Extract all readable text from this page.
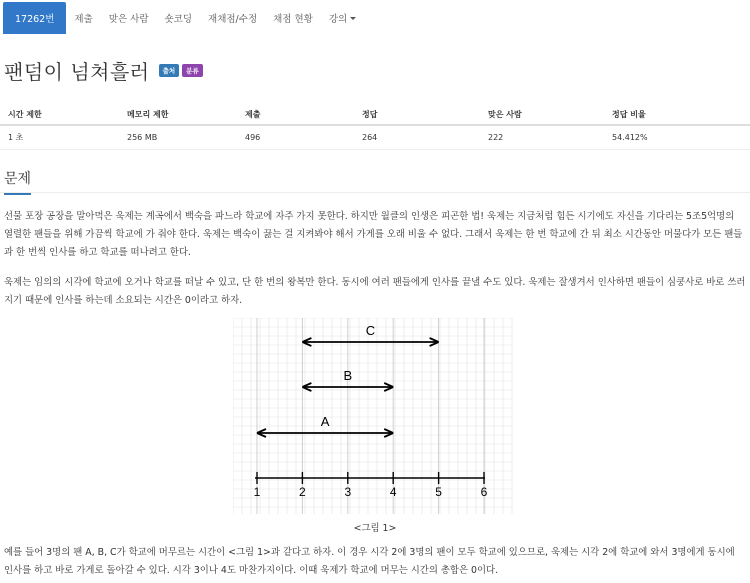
17262번	제출	맞은 사람	숏코딩	재채점/수정	채점 현황	강의
팬덤이 넘쳐흘러	출처	분류
시간 제한	메모리 제한	제출	정답	맞은 사람	정답 비율
1 초	256 MB	496	264	222	54.412%
문제

선물 포장 공장을 말아먹은 욱제는 계곡에서 백숙을 파느라 학교에 자주 가지 못한다. 하지만 월클의 인생은 피곤한 법! 욱제는 지금처럼 힘든 시기에도 자신을 기다리는 5조5억명의 열렬한 팬들을 위해 가끔씩 학교에 가 줘야 한다. 욱제는 백숙이 끓는 걸 지켜봐야 해서 가게를 오래 비울 수 없다. 그래서 욱제는 한 번 학교에 간 뒤 최소 시간동안 머물다가 모든 팬들과 한 번씩 인사를 하고 학교를 떠나려고 한다.

욱제는 임의의 시각에 학교에 오거나 학교를 떠날 수 있고, 단 한 번의 왕복만 한다. 동시에 여러 팬들에게 인사를 끝낼 수도 있다. 욱제는 잘생겨서 인사하면 팬들이 심쿵사로 바로 쓰러지기 때문에 인사를 하는데 소요되는 시간은 0이라고 하자.

1	2	3	4	5	6
C
B
A
<그림 1>

예를 들어 3명의 팬 A, B, C가 학교에 머무르는 시간이 <그림 1>과 같다고 하자. 이 경우 시각 2에 3명의 팬이 모두 학교에 있으므로, 욱제는 시각 2에 학교에 와서 3명에게 동시에 인사를 하고 바로 가게로 돌아갈 수 있다. 시각 3이나 4도 마찬가지이다. 이때 욱제가 학교에 머무는 시간의 총합은 0이다.
